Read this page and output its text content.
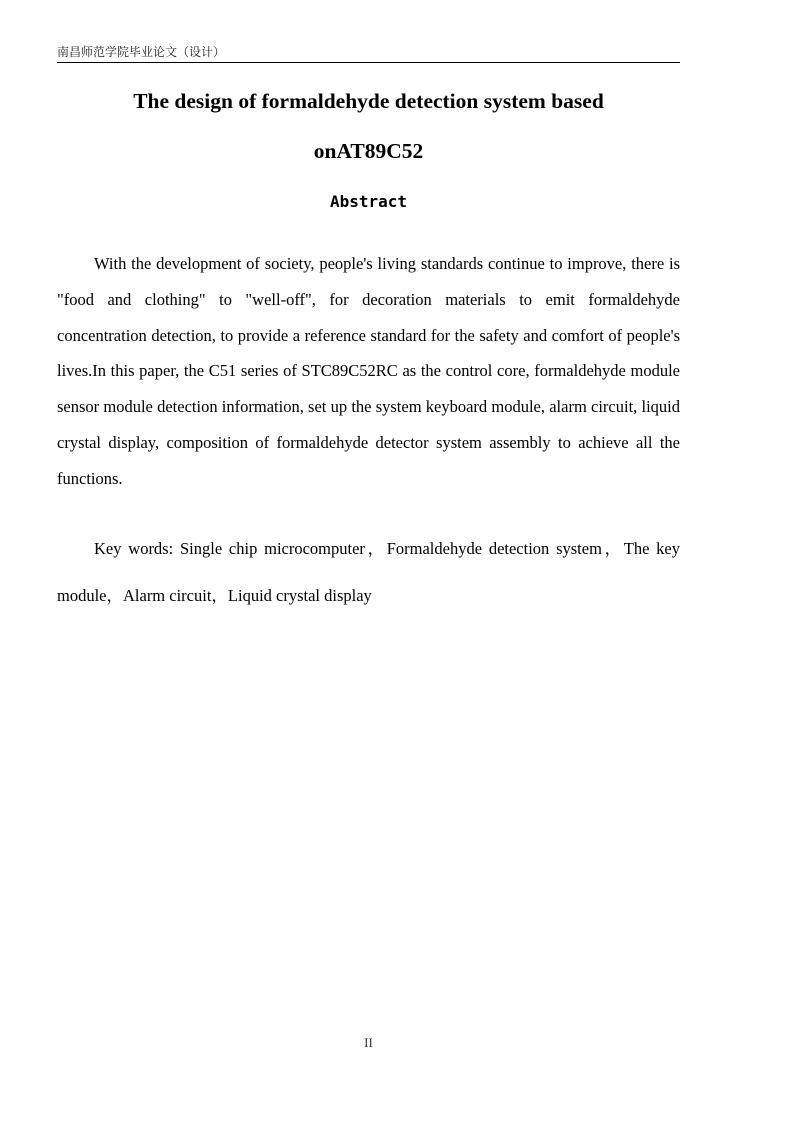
南昌师范学院毕业论文（设计）
The design of formaldehyde detection system based
onAT89C52
Abstract

With the development of society, people's living standards continue to improve, there is "food and clothing" to "well-off", for decoration materials to emit formaldehyde concentration detection, to provide a reference standard for the safety and comfort of people's lives.In this paper, the C51 series of STC89C52RC as the control core, formaldehyde module sensor module detection information, set up the system keyboard module, alarm circuit, liquid crystal display, composition of formaldehyde detector system assembly to achieve all the functions.

Key words: Single chip microcomputer，Formaldehyde detection system，The key module，Alarm circuit，Liquid crystal display

II
